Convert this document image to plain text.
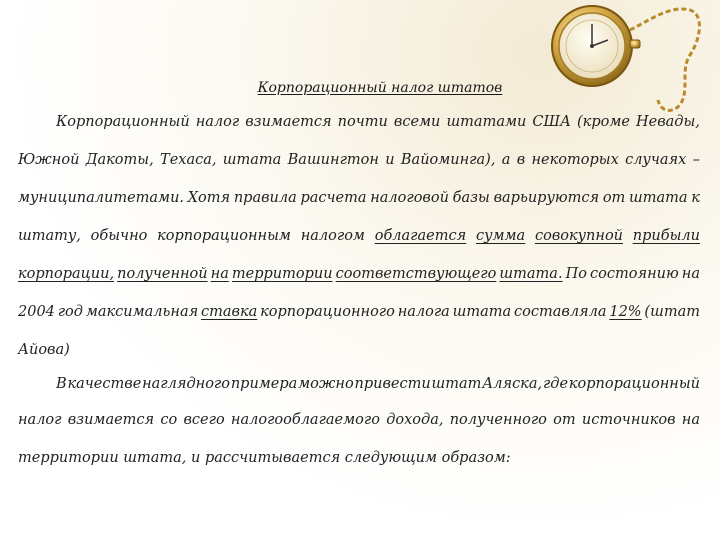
Корпорационный налог штатов
Корпорационный налог взимается почти всеми штатами США (кроме Невады,
Южной Дакоты, Техаса, штата Вашингтон и Вайоминга), а в некоторых случаях –
муниципалитетами. Хотя правила расчета налоговой базы варьируются от штата к
штату, обычно корпорационным налогом облагается сумма совокупной прибыли
корпорации, полученной на территории соответствующего штата. По состоянию на
2004 год максимальная ставка корпорационного налога штата составляла 12% (штат
Айова)
В качестве наглядного примера можно привести штат Аляска, где корпорационный
налог взимается со всего налогооблагаемого дохода, полученного от источников на
территории штата, и рассчитывается следующим образом:
